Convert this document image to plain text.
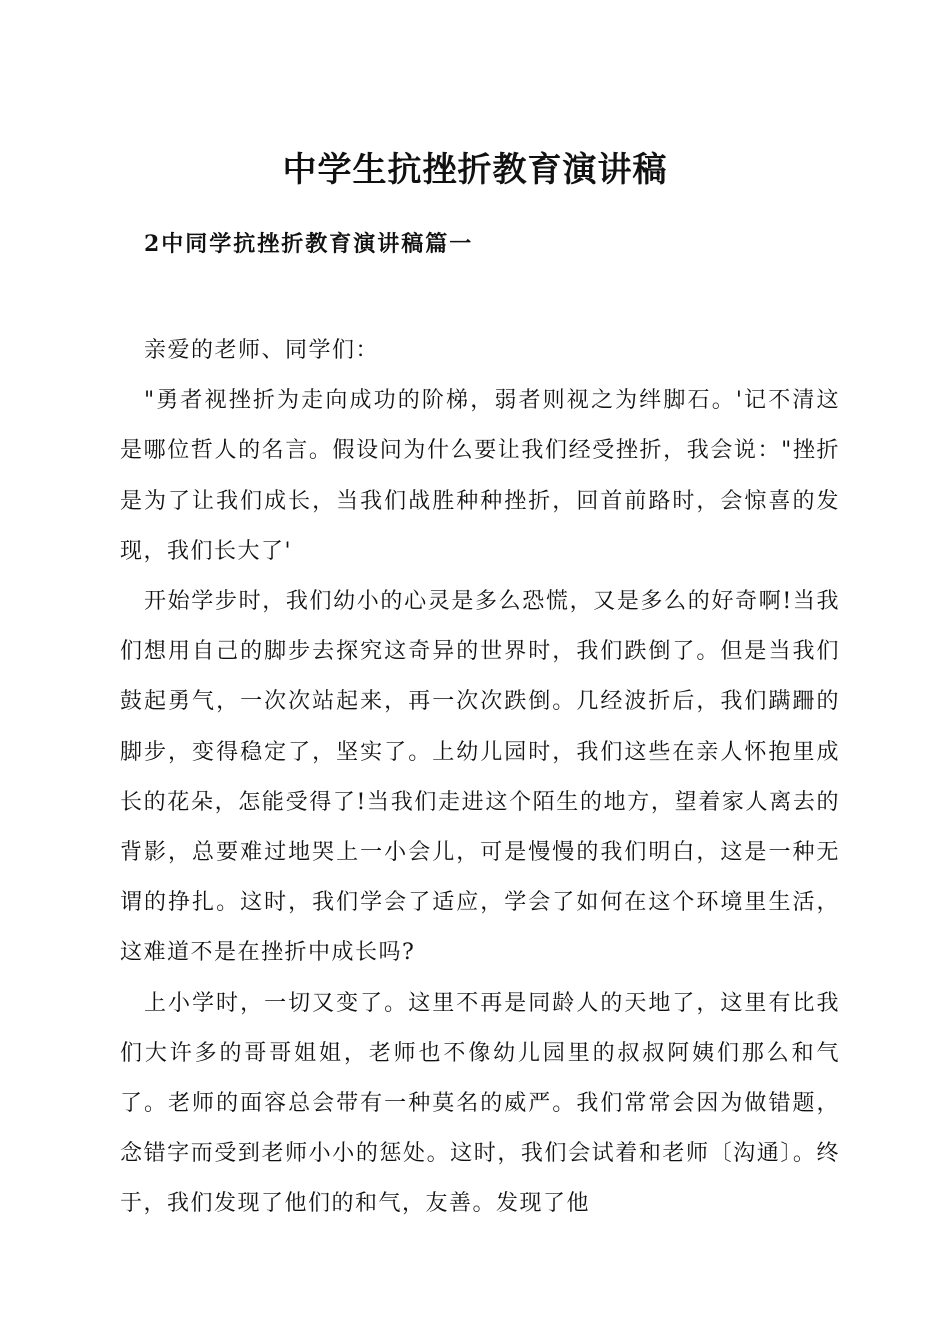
中学生抗挫折教育演讲稿
2中同学抗挫折教育演讲稿篇一

亲爱的老师、同学们：

"勇者视挫折为走向成功的阶梯，弱者则视之为绊脚石。'记不清这是哪位哲人的名言。假设问为什么要让我们经受挫折，我会说："挫折是为了让我们成长，当我们战胜种种挫折，回首前路时，会惊喜的发现，我们长大了'

开始学步时，我们幼小的心灵是多么恐慌，又是多么的好奇啊!当我们想用自己的脚步去探究这奇异的世界时，我们跌倒了。但是当我们鼓起勇气，一次次站起来，再一次次跌倒。几经波折后，我们蹒跚的脚步，变得稳定了，坚实了。上幼儿园时，我们这些在亲人怀抱里成长的花朵，怎能受得了!当我们走进这个陌生的地方，望着家人离去的背影，总要难过地哭上一小会儿，可是慢慢的我们明白，这是一种无谓的挣扎。这时，我们学会了适应，学会了如何在这个环境里生活，这难道不是在挫折中成长吗?

上小学时，一切又变了。这里不再是同龄人的天地了，这里有比我们大许多的哥哥姐姐，老师也不像幼儿园里的叔叔阿姨们那么和气了。老师的面容总会带有一种莫名的威严。我们常常会因为做错题，念错字而受到老师小小的惩处。这时，我们会试着和老师〔沟通〕。终于，我们发现了他们的和气，友善。发现了他
